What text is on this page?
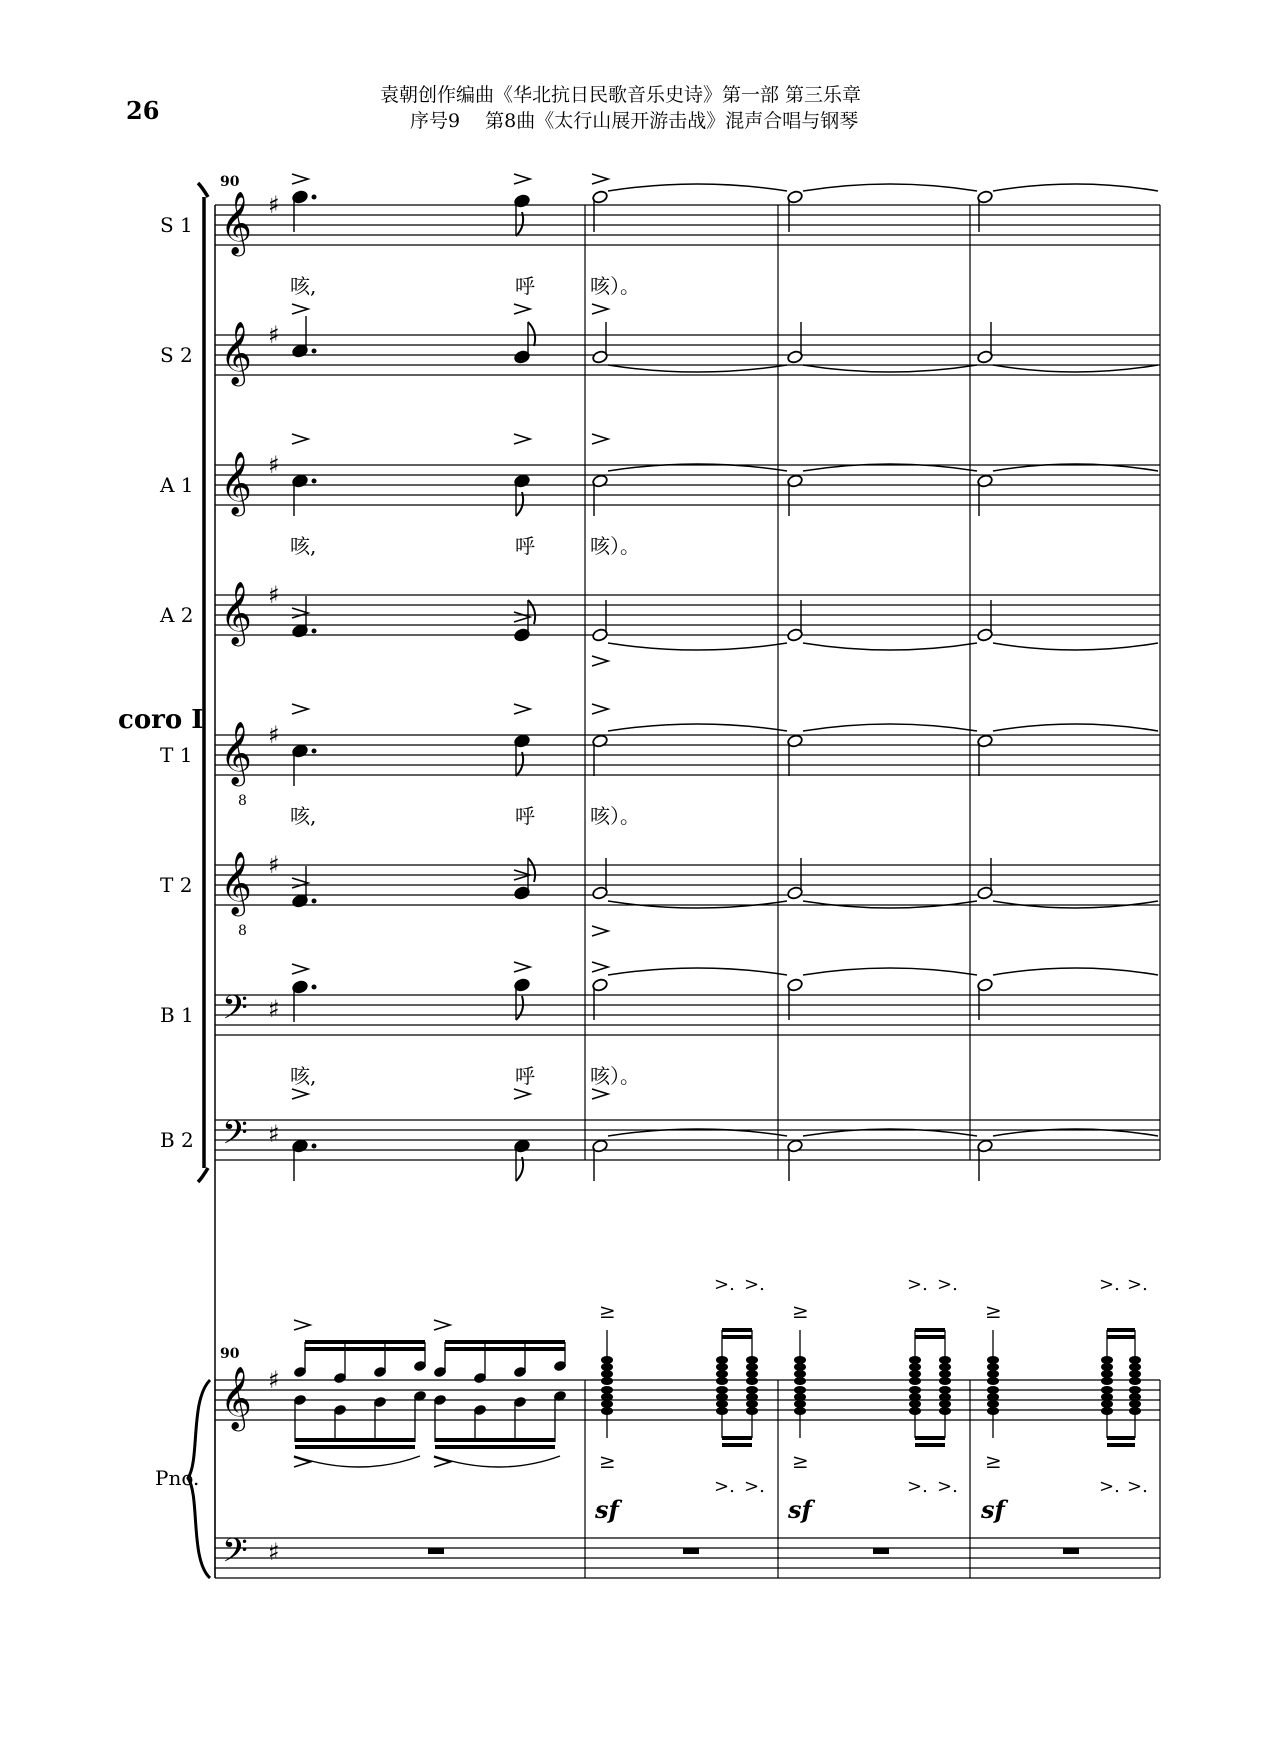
26
袁朝创作编曲《华北抗日民歌音乐史诗》第一部 第三乐章
序号9　 第8曲《太行山展开游击战》混声合唱与钢琴
S 1 𝄞 ♯
咳,	呼	咳）。
S 2 𝄞 ♯
A 1 𝄞 ♯
咳,	呼	咳）。
A 2 𝄞 ♯
T 1 𝄞
8
♯
咳,	呼	咳）。
T 2 𝄞
8
♯
B 1 𝄢 ♯
咳,	呼	咳）。
B 2 𝄢 ♯
coro Ⅰ
90
90
𝄞 ♯
𝄢 ♯
Pno.
≥
≥
sf
>.
>.
>.
>.
≥
≥
sf
>.
>.
>.
>.
≥
≥
sf
>.
>.
>.
>.
